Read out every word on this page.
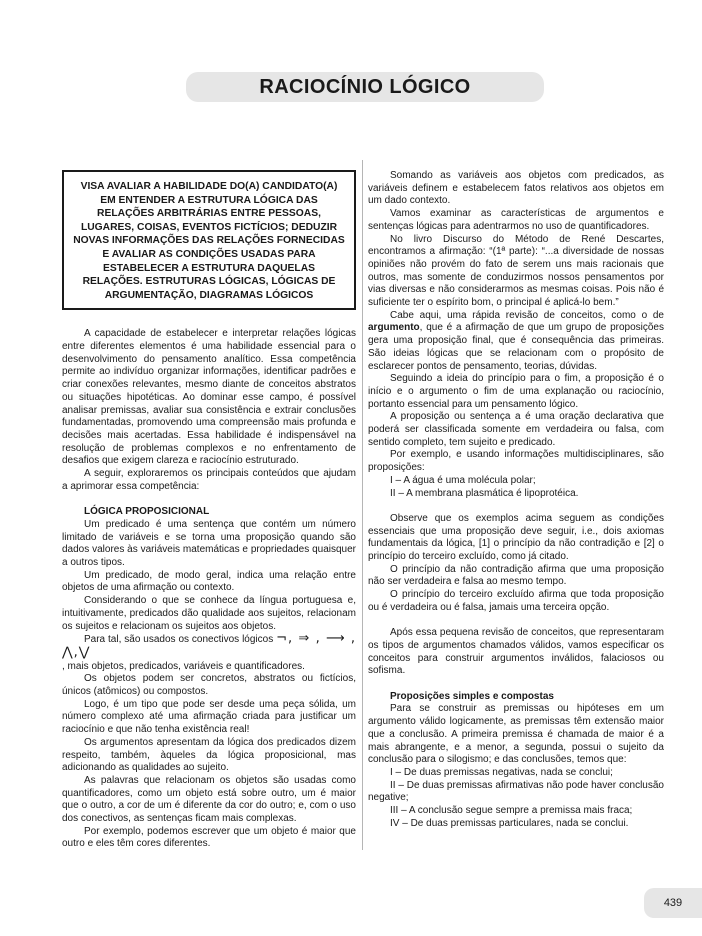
RACIOCÍNIO LÓGICO
VISA AVALIAR A HABILIDADE DO(A) CANDIDATO(A) EM ENTENDER A ESTRUTURA LÓGICA DAS RELAÇÕES ARBITRÁRIAS ENTRE PESSOAS, LUGARES, COISAS, EVENTOS FICTÍCIOS; DEDUZIR NOVAS INFORMAÇÕES DAS RELAÇÕES FORNECIDAS E AVALIAR AS CONDIÇÕES USADAS PARA ESTABELECER A ESTRUTURA DAQUELAS RELAÇÕES. ESTRUTURAS LÓGICAS, LÓGICAS DE ARGUMENTAÇÃO, DIAGRAMAS LÓGICOS

A capacidade de estabelecer e interpretar relações lógicas entre diferentes elementos é uma habilidade essencial para o desenvolvimento do pensamento analítico. Essa competência permite ao indivíduo organizar informações, identificar padrões e criar conexões relevantes, mesmo diante de conceitos abstratos ou situações hipotéticas. Ao dominar esse campo, é possível analisar premissas, avaliar sua consistência e extrair conclusões fundamentadas, promovendo uma compreensão mais profunda e decisões mais acertadas. Essa habilidade é indispensável na resolução de problemas complexos e no enfrentamento de desafios que exigem clareza e raciocínio estruturado.

A seguir, exploraremos os principais conteúdos que ajudam a aprimorar essa competência:

LÓGICA PROPOSICIONAL

Um predicado é uma sentença que contém um número limitado de variáveis e se torna uma proposição quando são dados valores às variáveis matemáticas e propriedades quaisquer a outros tipos.

Um predicado, de modo geral, indica uma relação entre objetos de uma afirmação ou contexto.

Considerando o que se conhece da língua portuguesa e, intuitivamente, predicados dão qualidade aos sujeitos, relacionam os sujeitos e relacionam os sujeitos aos objetos.

Para tal, são usados os conectivos lógicos ¬, ⇒ , ⟶ , ⋀,⋁
, mais objetos, predicados, variáveis e quantificadores.

Os objetos podem ser concretos, abstratos ou fictícios, únicos (atômicos) ou compostos.

Logo, é um tipo que pode ser desde uma peça sólida, um número complexo até uma afirmação criada para justificar um raciocínio e que não tenha existência real!

Os argumentos apresentam da lógica dos predicados dizem respeito, também, àqueles da lógica proposicional, mas adicionando as qualidades ao sujeito.

As palavras que relacionam os objetos são usadas como quantificadores, como um objeto está sobre outro, um é maior que o outro, a cor de um é diferente da cor do outro; e, com o uso dos conectivos, as sentenças ficam mais complexas.

Por exemplo, podemos escrever que um objeto é maior que outro e eles têm cores diferentes.

Somando as variáveis aos objetos com predicados, as variáveis definem e estabelecem fatos relativos aos objetos em um dado contexto.

Vamos examinar as características de argumentos e sentenças lógicas para adentrarmos no uso de quantificadores.

No livro Discurso do Método de René Descartes, encontramos a afirmação: “(1ª parte): “...a diversidade de nossas opiniões não provém do fato de serem uns mais racionais que outros, mas somente de conduzirmos nossos pensamentos por vias diversas e não considerarmos as mesmas coisas. Pois não é suficiente ter o espírito bom, o principal é aplicá-lo bem.”

Cabe aqui, uma rápida revisão de conceitos, como o de argumento, que é a afirmação de que um grupo de proposições gera uma proposição final, que é consequência das primeiras. São ideias lógicas que se relacionam com o propósito de esclarecer pontos de pensamento, teorias, dúvidas.

Seguindo a ideia do princípio para o fim, a proposição é o início e o argumento o fim de uma explanação ou raciocínio, portanto essencial para um pensamento lógico.

A proposição ou sentença a é uma oração declarativa que poderá ser classificada somente em verdadeira ou falsa, com sentido completo, tem sujeito e predicado.

Por exemplo, e usando informações multidisciplinares, são proposições:

I – A água é uma molécula polar;

II – A membrana plasmática é lipoprotéica.

Observe que os exemplos acima seguem as condições essenciais que uma proposição deve seguir, i.e., dois axiomas fundamentais da lógica, [1] o princípio da não contradição e [2] o princípio do terceiro excluído, como já citado.

O princípio da não contradição afirma que uma proposição não ser verdadeira e falsa ao mesmo tempo.

O princípio do terceiro excluído afirma que toda proposição ou é verdadeira ou é falsa, jamais uma terceira opção.

Após essa pequena revisão de conceitos, que representaram os tipos de argumentos chamados válidos, vamos especificar os conceitos para construir argumentos inválidos, falaciosos ou sofisma.

Proposições simples e compostas

Para se construir as premissas ou hipóteses em um argumento válido logicamente, as premissas têm extensão maior que a conclusão. A primeira premissa é chamada de maior é a mais abrangente, e a menor, a segunda, possui o sujeito da conclusão para o silogismo; e das conclusões, temos que:

I – De duas premissas negativas, nada se conclui;

II – De duas premissas afirmativas não pode haver conclusão negative;

III – A conclusão segue sempre a premissa mais fraca;

IV – De duas premissas particulares, nada se conclui.

439
